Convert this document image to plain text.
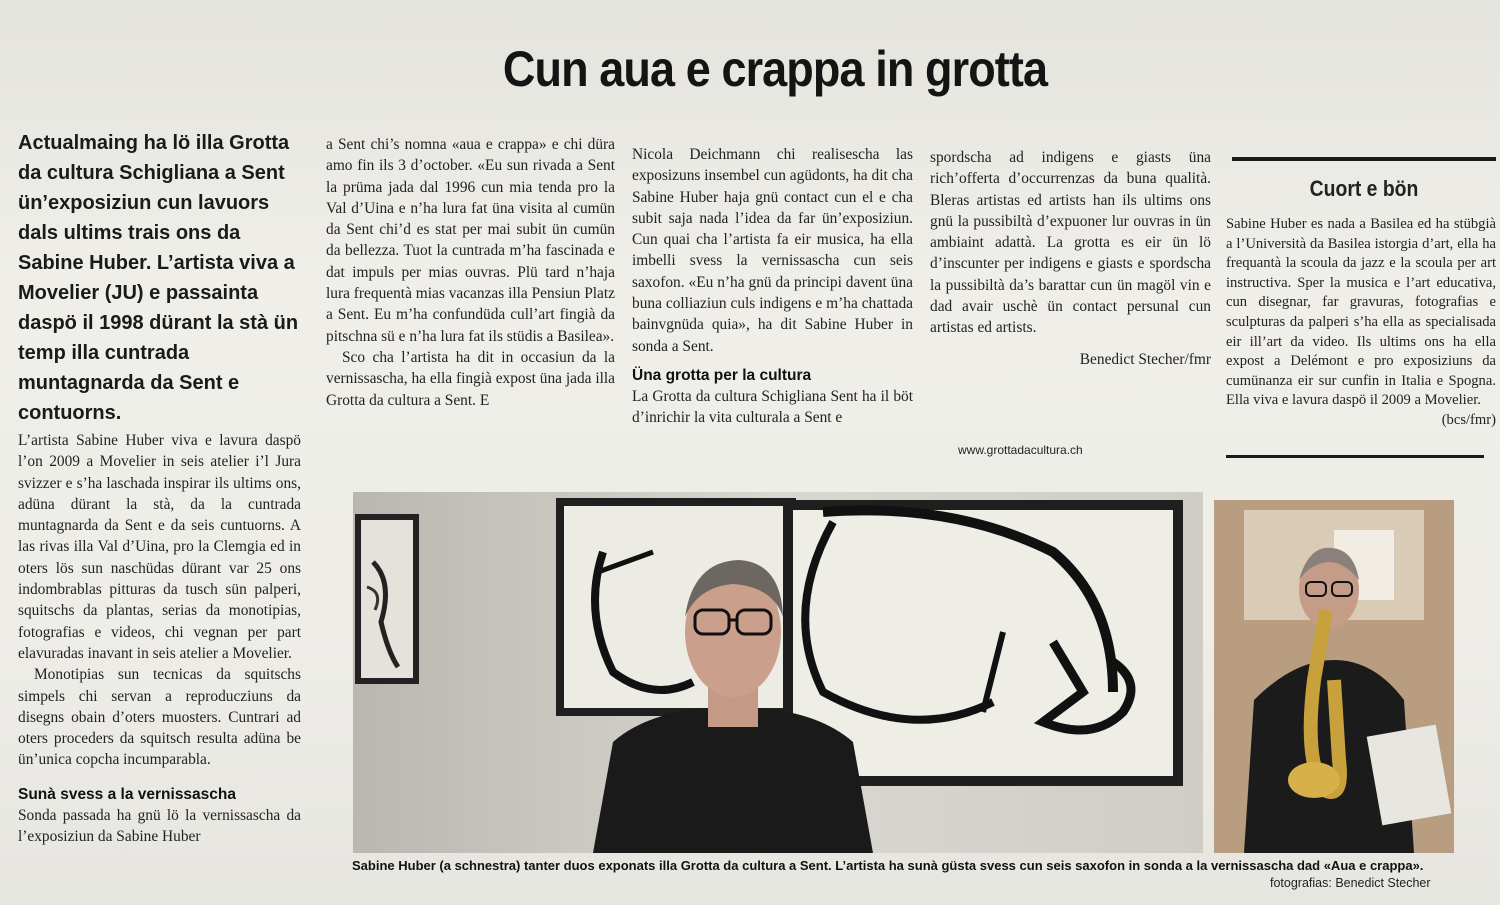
Cun aua e crappa in grotta
Actualmaing ha lö illa Grotta da cultura Schigliana a Sent ün’exposiziun cun lavuors dals ultims trais ons da Sabine Huber. L’artista viva a Movelier (JU) e passainta daspö il 1998 dürant la stà ün temp illa cuntrada muntagnarda da Sent e contuorns.

L’artista Sabine Huber viva e lavura daspö l’on 2009 a Movelier in seis atelier i’l Jura svizzer e s’ha laschada inspirar ils ultims ons, adüna dürant la stà, da la cuntrada muntagnarda da Sent e da seis cuntuorns. A las rivas illa Val d’Uina, pro la Clemgia ed in oters lös sun naschüdas dürant var 25 ons indombrablas pitturas da tusch sün palperi, squitschs da plantas, serias da monotipias, fotografias e videos, chi vegnan per part elavuradas inavant in seis atelier a Movelier.

Monotipias sun tecnicas da squitschs simpels chi servan a reproducziuns da disegns obain d’oters muosters. Cuntrari ad oters proceders da squitsch resulta adüna be ün’unica copcha incumparabla.

Sunà svess a la vernissascha

Sonda passada ha gnü lö la vernissascha da l’exposiziun da Sabine Huber

a Sent chi’s nomna «aua e crappa» e chi düra amo fin ils 3 d’october. «Eu sun rivada a Sent la prüma jada dal 1996 cun mia tenda pro la Val d’Uina e n’ha lura fat üna visita al cumün da Sent chi’d es stat per mai subit ün cumün da bellezza. Tuot la cuntrada m’ha fascinada e dat impuls per mias ouvras. Plü tard n’haja lura frequentà mias vacanzas illa Pensiun Platz a Sent. Eu m’ha confundüda cull’art fingià da pitschna sü e n’ha lura fat ils stüdis a Basilea».

Sco cha l’artista ha dit in occasiun da la vernissascha, ha ella fingià expost üna jada illa Grotta da cultura a Sent. E

Nicola Deichmann chi realisescha las exposizuns insembel cun agüdonts, ha dit cha Sabine Huber haja gnü contact cun el e cha subit saja nada l’idea da far ün’exposiziun. Cun quai cha l’artista fa eir musica, ha ella imbelli svess la vernissascha cun seis saxofon. «Eu n’ha gnü da principi davent üna buna colliaziun culs indigens e m’ha chattada bainvgnüda quia», ha dit Sabine Huber in sonda a Sent.

Üna grotta per la cultura

La Grotta da cultura Schigliana Sent ha il böt d’inrichir la vita culturala a Sent e

spordscha ad indigens e giasts üna rich’offerta d’occurrenzas da buna qualità. Bleras artistas ed artists han ils ultims ons gnü la pussibiltà d’expuoner lur ouvras in ün ambiaint adattà. La grotta es eir ün lö d’inscunter per indigens e giasts e spordscha la pussibiltà da’s barattar cun ün magöl vin e dad avair uschè ün contact persunal cun artistas ed artists.

Benedict Stecher/fmr

www.grottadacultura.ch
Cuort e bön
Sabine Huber es nada a Basilea ed ha stübgià a l’Università da Basilea istorgia d’art, ella ha frequantà la scoula da jazz e la scoula per art instructiva. Sper la musica e l’art educativa, cun disegnar, far gravuras, fotografias e sculpturas da palperi s’ha ella as specialisada eir ill’art da video. Ils ultims ons ha ella expost a Delémont e pro exposiziuns da cumünanza eir sur cunfin in Italia e Spogna. Ella viva e lavura daspö il 2009 a Movelier.
(bcs/fmr)
Sabine Huber (a schnestra) tanter duos exponats illa Grotta da cultura a Sent. L’artista ha sunà güsta svess cun seis saxofon in sonda a la vernissascha dad «Aua e crappa».
fotografias: Benedict Stecher
